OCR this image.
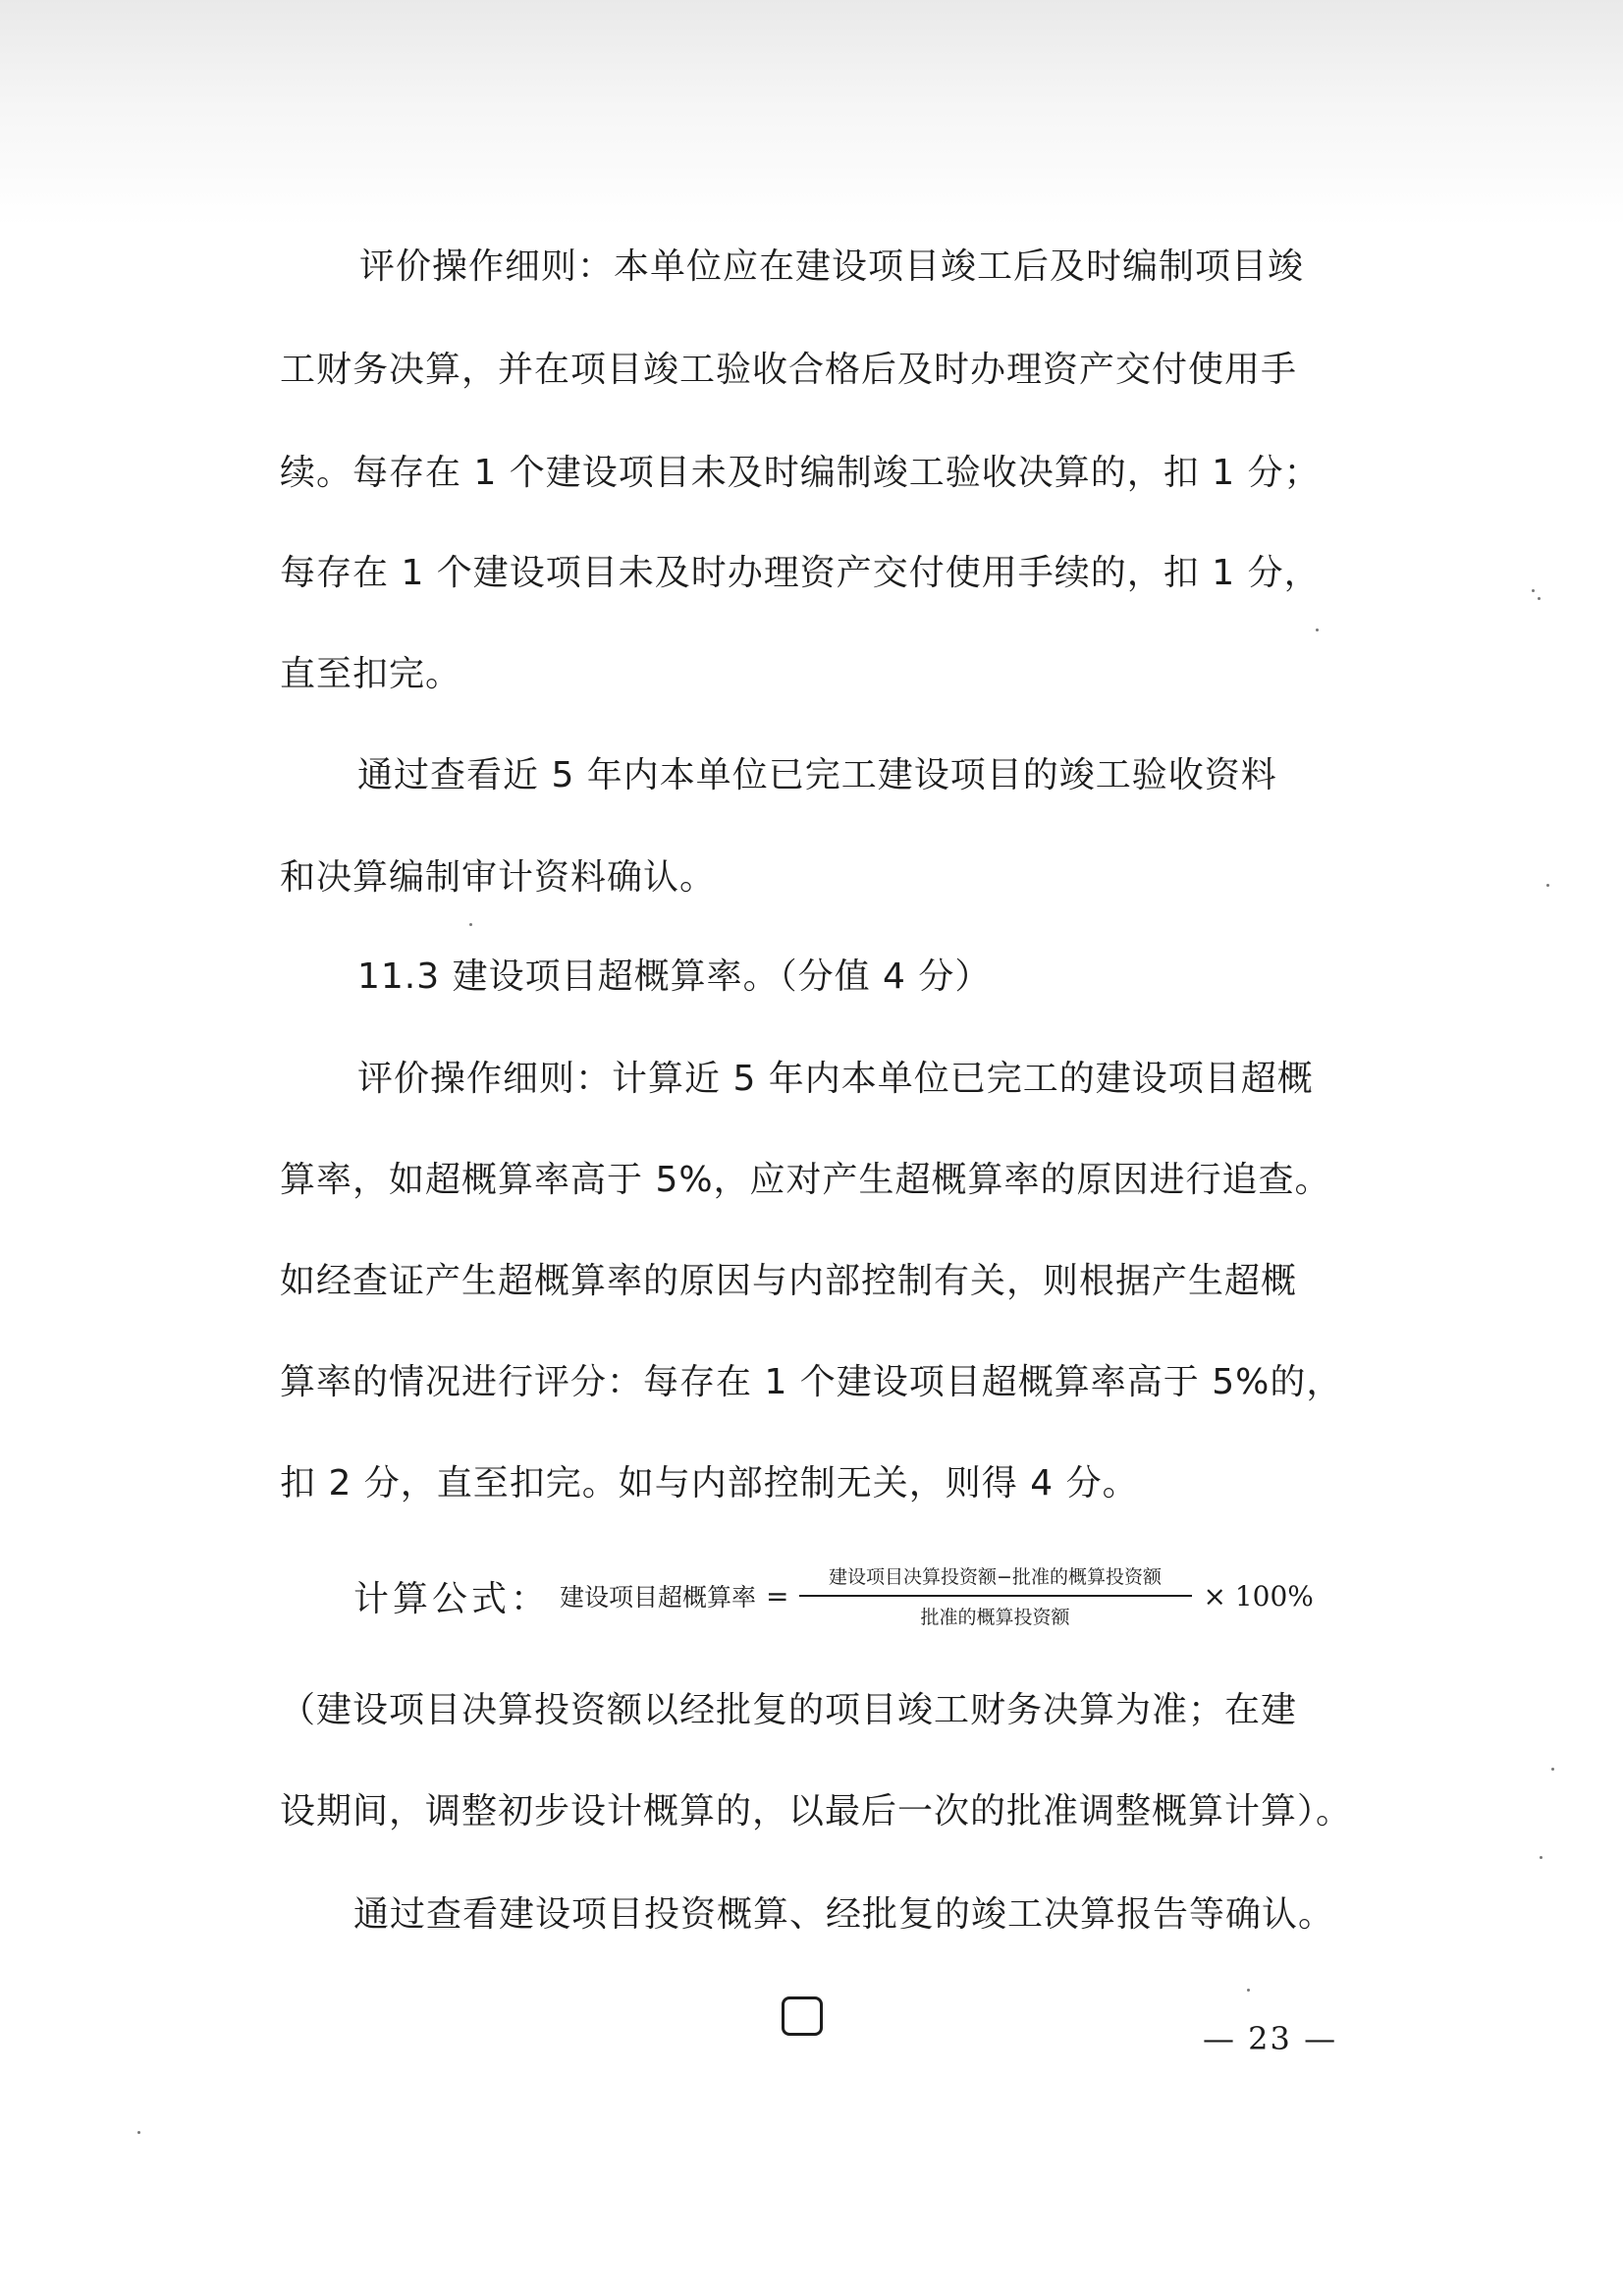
评价操作细则：本单位应在建设项目竣工后及时编制项目竣
工财务决算，并在项目竣工验收合格后及时办理资产交付使用手
续。每存在 1 个建设项目未及时编制竣工验收决算的，扣 1 分；
每存在 1 个建设项目未及时办理资产交付使用手续的，扣 1 分，
直至扣完。
通过查看近 5 年内本单位已完工建设项目的竣工验收资料
和决算编制审计资料确认。
11.3 建设项目超概算率。（分值 4 分）
评价操作细则：计算近 5 年内本单位已完工的建设项目超概
算率，如超概算率高于 5%，应对产生超概算率的原因进行追查。
如经查证产生超概算率的原因与内部控制有关，则根据产生超概
算率的情况进行评分：每存在 1 个建设项目超概算率高于 5%的，
扣 2 分，直至扣完。如与内部控制无关，则得 4 分。
计算公式： 建设项目超概算率 = $\frac{\text{建设项目决算投资额−批准的概算投资额}}{\text{批准的概算投资额}} \times 100\%$
（建设项目决算投资额以经批复的项目竣工财务决算为准；在建
设期间，调整初步设计概算的，以最后一次的批准调整概算计算）。
通过查看建设项目投资概算、经批复的竣工决算报告等确认。
— 23 —
